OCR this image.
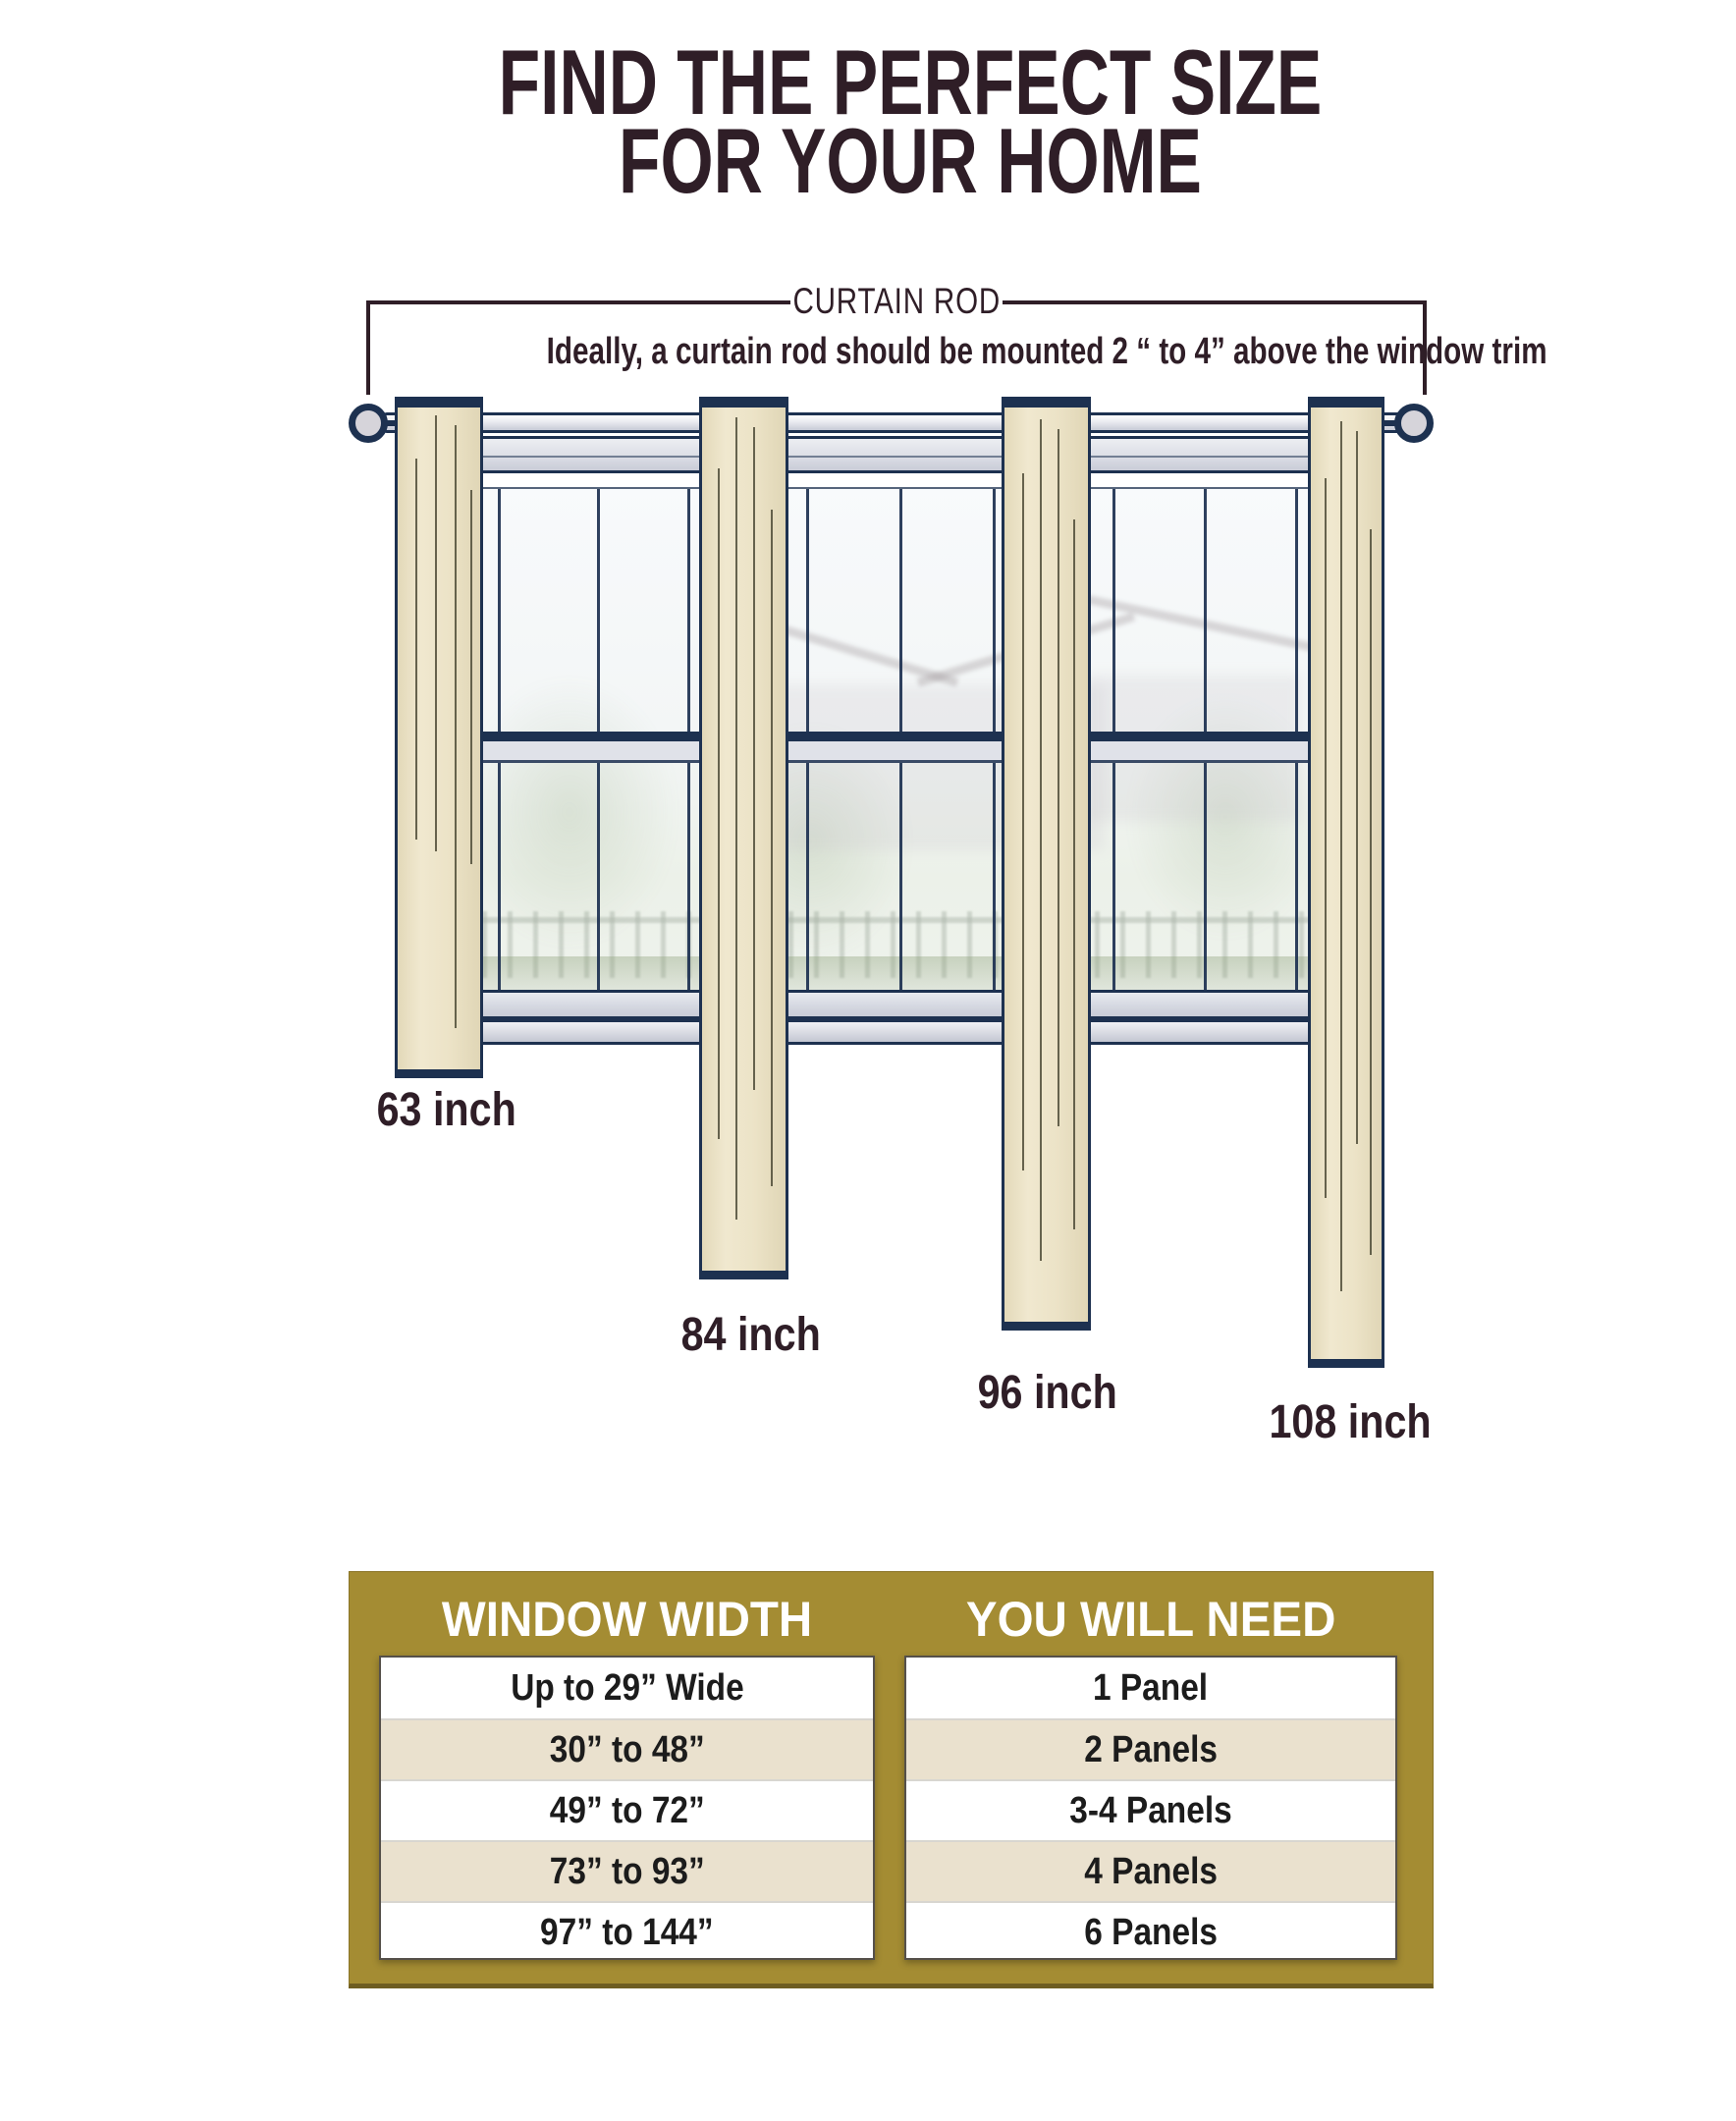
FIND THE PERFECT SIZE
FOR YOUR HOME
CURTAIN ROD
Ideally, a curtain rod should be mounted 2 “ to 4” above the window trim
63 inch
84 inch
96 inch
108 inch
WINDOW WIDTH	YOU WILL NEED
Up to 29” Wide
30” to 48”
49” to 72”
73” to 93”
97” to 144”
1 Panel
2 Panels
3-4 Panels
4 Panels
6 Panels
